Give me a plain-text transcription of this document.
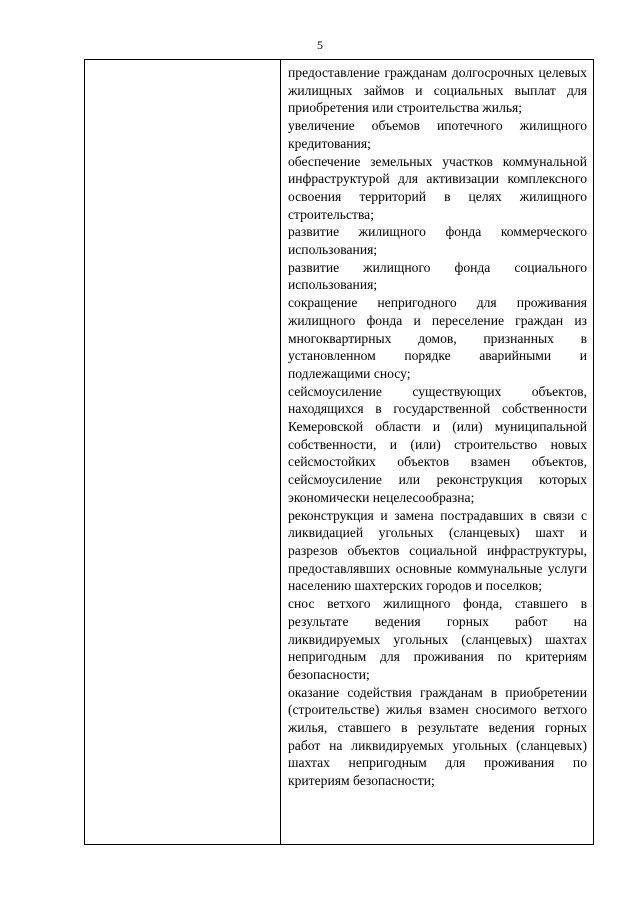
5

предоставление гражданам долгосрочных целевых жилищных займов и социальных выплат для приобретения или строительства жилья;

увеличение объемов ипотечного жилищного кредитования;

обеспечение земельных участков коммунальной инфраструктурой для активизации комплексного освоения территорий в целях жилищного строительства;

развитие жилищного фонда коммерческого использования;

развитие жилищного фонда социального использования;

сокращение непригодного для проживания жилищного фонда и переселение граждан из многоквартирных домов, признанных в установленном порядке аварийными и подлежащими сносу;

сейсмоусиление существующих объектов, находящихся в государственной собственности Кемеровской области и (или) муниципальной собственности, и (или) строительство новых сейсмостойких объектов взамен объектов, сейсмоусиление или реконструкция которых экономически нецелесообразна;

реконструкция и замена пострадавших в связи с ликвидацией угольных (сланцевых) шахт и разрезов объектов социальной инфраструктуры, предоставлявших основные коммунальные услуги населению шахтерских городов и поселков;

снос ветхого жилищного фонда, ставшего в результате ведения горных работ на ликвидируемых угольных (сланцевых) шахтах непригодным для проживания по критериям безопасности;

оказание содействия гражданам в приобретении (строительстве) жилья взамен сносимого ветхого жилья, ставшего в результате ведения горных работ на ликвидируемых угольных (сланцевых) шахтах непригодным для проживания по критериям безопасности;
